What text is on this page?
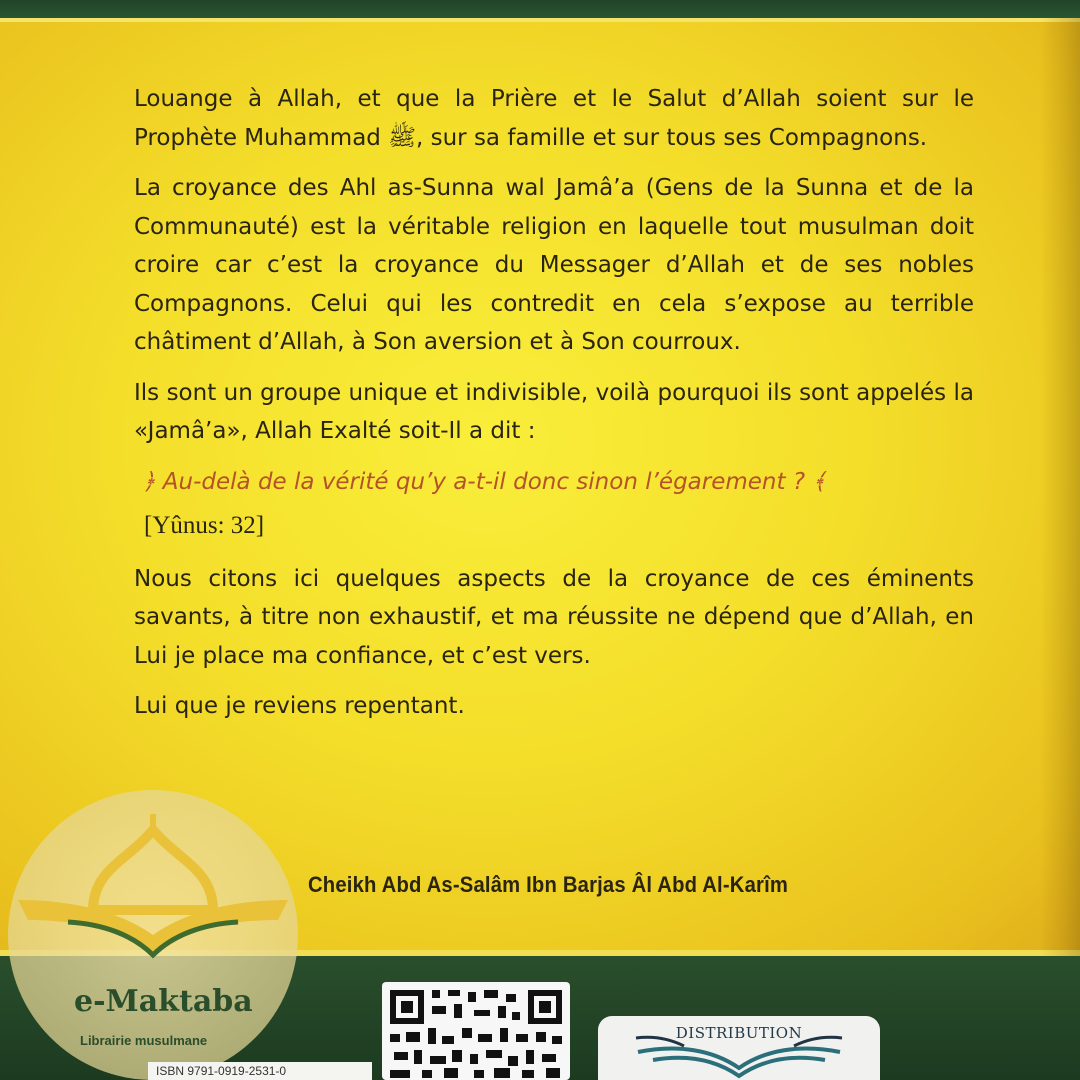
Louange à Allah, et que la Prière et le Salut d’Allah soient sur le Prophète Muhammad ﷺ, sur sa famille et sur tous ses Compagnons.

La croyance des Ahl as-Sunna wal Jamâ’a (Gens de la Sunna et de la Communauté) est la véritable religion en laquelle tout musulman doit croire car c’est la croyance du Messager d’Allah et de ses nobles Compagnons. Celui qui les contredit en cela s’expose au terrible châtiment d’Allah, à Son aversion et à Son courroux.

Ils sont un groupe unique et indivisible, voilà pourquoi ils sont appelés la «Jamâ’a», Allah Exalté soit-Il a dit :

﴿ Au-delà de la vérité qu’y a-t-il donc sinon l’égarement ? ﴾
[Yûnus: 32]

Nous citons ici quelques aspects de la croyance de ces éminents savants, à titre non exhaustif, et ma réussite ne dépend que d’Allah, en Lui je place ma confiance, et c’est vers.

Lui que je reviens repentant.

Cheikh Abd As-Salâm Ibn Barjas Âl Abd Al-Karîm
e-Maktaba
Librairie musulmane
ISBN 9791-0919-2531-0
DISTRIBUTION
